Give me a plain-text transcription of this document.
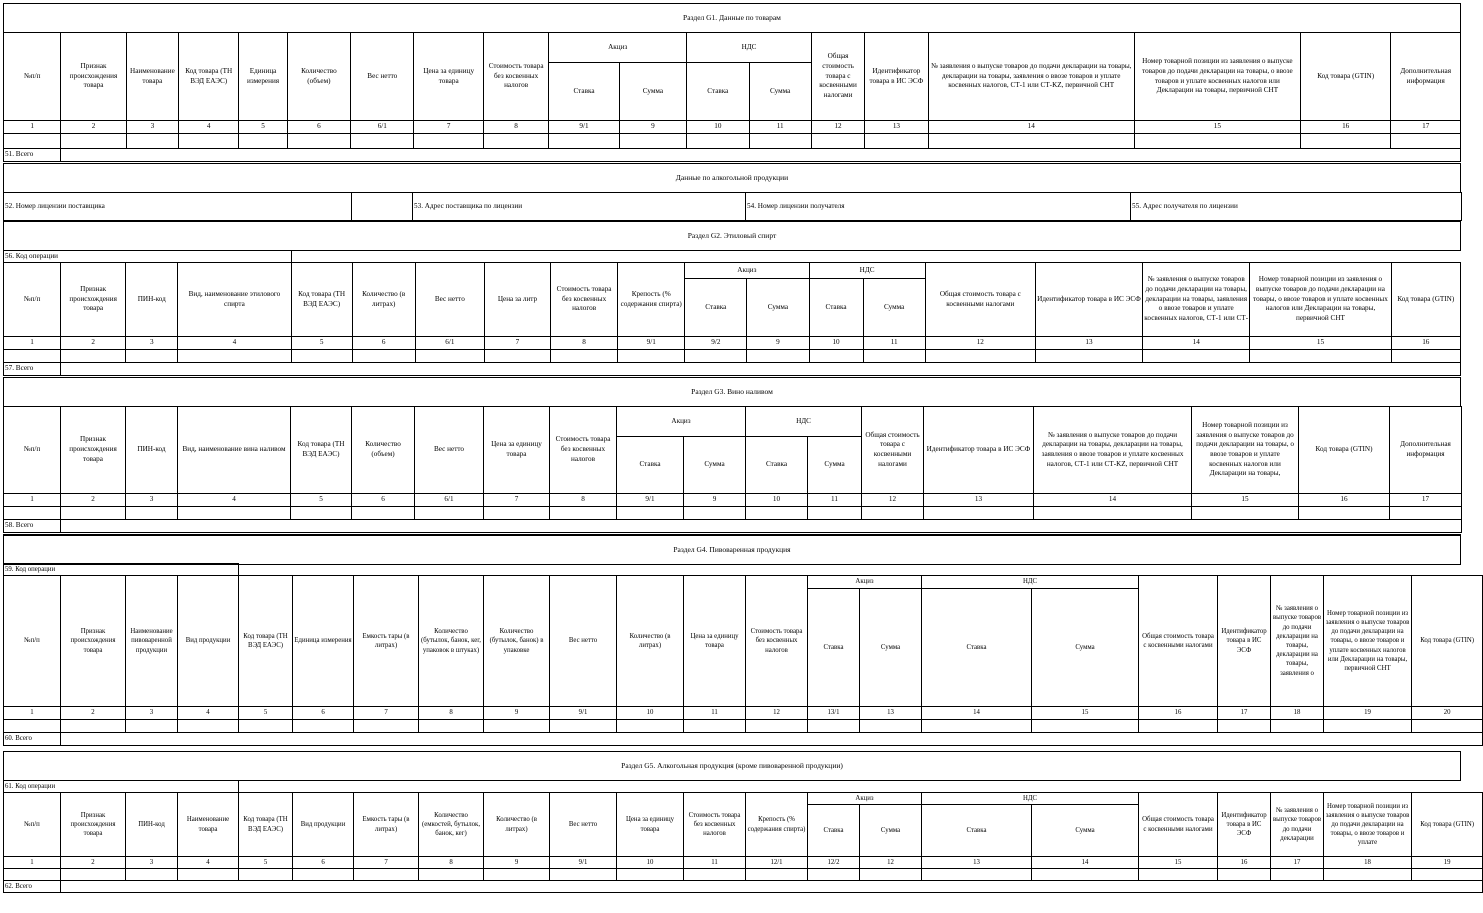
Раздел G1. Данные по товарам
№п/п	Признак происхождения товара	Наименование товара	Код товара (ТН ВЭД ЕАЭС)	Единица измерения	Количество (объем)	Вес нетто	Цена за единицу товара	Стоимость товара без косвенных налогов	Акциз		НДС		Общая стоимость товара с косвенными налогами	Идентификатор товара в ИС ЭСФ	№ заявления о выпуске товаров до подачи декларации на товары, декларации на товары, заявления о ввозе товаров и уплате косвенных налогов, СТ-1 или СТ-KZ, первичной СНТ	Номер товарной позиции из заявления о выпуске товаров до подачи декларации на товары, о ввозе товаров и уплате косвенных налогов или Декларации на товары, первичной СНТ	Код товара (GTIN)	Дополнительная информация
									Ставка	Сумма	Ставка	Сумма						
1	2	3	4	5	6	6/1	7	8	9/1	9	10	11	12	13	14	15	16	17

51. Всего																		
Данные по алкогольной продукции
52. Номер лицензии поставщика		53. Адрес поставщика по лицензии	54. Номер лицензии получателя	55. Адрес получателя по лицензии
Раздел G2. Этиловый спирт
56. Код операции																		
№п/п	Признак происхождения товара	ПИН-код	Вид, наименование этилового спирта	Код товара (ТН ВЭД ЕАЭС)	Количество (в литрах)	Вес нетто	Цена за литр	Стоимость товара без косвенных налогов	Крепость (% содержания спирта)	Акциз		НДС		Общая стоимость товара с косвенными налогами	Идентификатор товара в ИС ЭСФ	№ заявления о выпуске товаров до подачи декларации на товары, декларации на товары, заявления о ввозе товаров и уплате косвенных налогов, СТ-1 или СТ-	Номер товарной позиции из заявления о выпуске товаров до подачи декларации на товары, о ввозе товаров и уплате косвенных налогов или Декларации на товары, первичной СНТ	Код товара (GTIN)
										Ставка	Сумма	Ставка	Сумма					
1	2	3	4	5	6	6/1	7	8	9/1	9/2	9	10	11	12	13	14	15	16

57. Всего																		
Раздел G3. Вино наливом
№п/п	Признак происхождения товара	ПИН-код	Вид, наименование вина наливом	Код товара (ТН ВЭД ЕАЭС)	Количество (объем)	Вес нетто	Цена за единицу товара	Стоимость товара без косвенных налогов	Акциз		НДС		Общая стоимость товара с косвенными налогами	Идентификатор товара в ИС ЭСФ	№ заявления о выпуске товаров до подачи декларации на товары, декларации на товары, заявления о ввозе товаров и уплате косвенных налогов, СТ-1 или СТ-KZ, первичной СНТ	Номер товарной позиции из заявления о выпуске товаров до подачи декларации на товары, о ввозе товаров и уплате косвенных налогов или Декларации на товары,	Код товара (GTIN)	Дополнительная информация
									Ставка	Сумма	Ставка	Сумма						
1	2	3	4	5	6	6/1	7	8	9/1	9	10	11	12	13	14	15	16	17

58. Всего																		
Раздел G4. Пивоваренная продукция
59. Код операции																					
№п/п	Признак происхождения товара	Наименование пивоваренной продукции	Вид продукции	Код товара (ТН ВЭД ЕАЭС)	Единица измерения	Емкость тары (в литрах)	Количество (бутылок, банок, кег, упаковок в штуках)	Количество (бутылок, банок) в упаковке	Вес нетто	Количество (в литрах)	Цена за единицу товара	Стоимость товара без косвенных налогов	Акциз		НДС		Общая стоимость товара с косвенными налогами	Идентификатор товара в ИС ЭСФ	№ заявления о выпуске товаров до подачи декларации на товары, декларации на товары, заявления о	Номер товарной позиции из заявления о выпуске товаров до подачи декларации на товары, о ввозе товаров и уплате косвенных налогов или Декларации на товары, первичной СНТ	Код товара (GTIN)
													Ставка	Сумма	Ставка	Сумма					
1	2	3	4	5	6	7	8	9	9/1	10	11	12	13/1	13	14	15	16	17	18	19	20

60. Всего																					
Раздел G5. Алкогольная продукция (кроме пивоваренной продукции)
61. Код операции																					
№п/п	Признак происхождения товара	ПИН-код	Наименование товара	Код товара (ТН ВЭД ЕАЭС)	Вид продукции	Емкость тары (в литрах)	Количество (емкостей, бутылок, банок, кег)	Количество (в литрах)	Вес нетто	Цена за единицу товара	Стоимость товара без косвенных налогов	Крепость (% содержания спирта)	Акциз		НДС		Общая стоимость товара с косвенными налогами	Идентификатор товара в ИС ЭСФ	№ заявления о выпуске товаров до подачи декларации	Номер товарной позиции из заявления о выпуске товаров до подачи декларации на товары, о ввозе товаров и уплате	Код товара (GTIN)
													Ставка	Сумма	Ставка	Сумма					
1	2	3	4	5	6	7	8	9	9/1	10	11	12/1	12/2	12	13	14	15	16	17	18	19

62. Всего																					
